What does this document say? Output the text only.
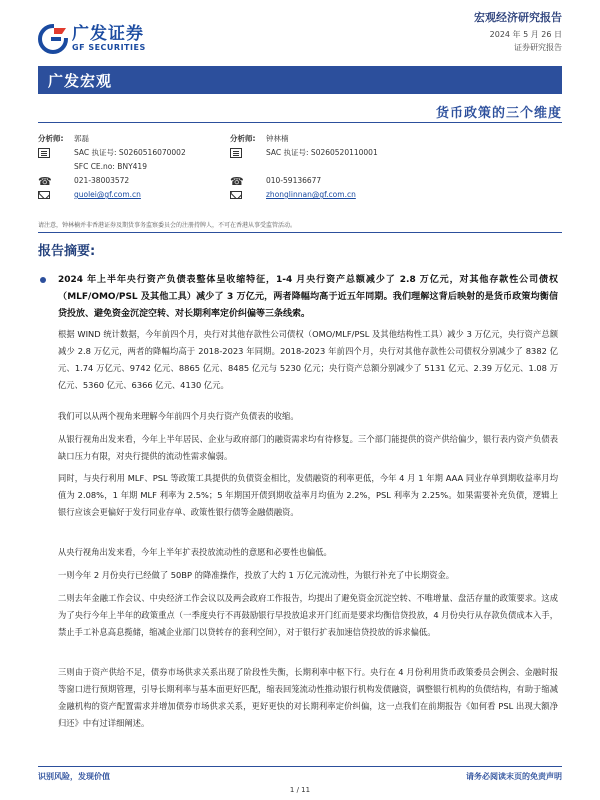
广发证券
GF SECURITIES
宏观经济研究报告
2024 年 5 月 26 日
证券研究报告
广发宏观
货币政策的三个维度
分析师:	郭磊
SAC 执证号: S0260516070002
SFC CE.no: BNY419
☎	021-38003572
guolei@gf.com.cn
分析师:	钟林楠
SAC 执证号: S0260520110001
☎	010-59136677
zhonglinnan@gf.com.cn
请注意，钟林楠并非香港证券及期货事务监察委员会的注册持牌人，不可在香港从事受监管活动。
报告摘要:
2024 年上半年央行资产负债表整体呈收缩特征，1-4 月央行资产总额减少了 2.8 万亿元，对其他存款性公司债权（MLF/OMO/PSL 及其他工具）减少了 3 万亿元，两者降幅均高于近五年同期。我们理解这背后映射的是货币政策均衡信贷投放、避免资金沉淀空转、对长期利率定价纠偏等三条线索。
根据 WIND 统计数据，今年前四个月，央行对其他存款性公司债权（OMO/MLF/PSL 及其他结构性工具）减少 3 万亿元，央行资产总额减少 2.8 万亿元，两者的降幅均高于 2018-2023 年同期。2018-2023 年前四个月，央行对其他存款性公司债权分别减少了 8382 亿元、1.74 万亿元、9742 亿元、8865 亿元、8485 亿元与 5230 亿元；央行资产总额分别减少了 5131 亿元、2.39 万亿元、1.08 万亿元、5360 亿元、6366 亿元、4130 亿元。
我们可以从两个视角来理解今年前四个月央行资产负债表的收缩。
从银行视角出发来看，今年上半年居民、企业与政府部门的融资需求均有待修复。三个部门能提供的资产供给偏少，银行表内资产负债表缺口压力有限，对央行提供的流动性需求偏弱。
同时，与央行利用 MLF、PSL 等政策工具提供的负债资金相比，发债融资的利率更低，今年 4 月 1 年期 AAA 同业存单到期收益率月均值为 2.08%，1 年期 MLF 利率为 2.5%；5 年期国开债到期收益率月均值为 2.2%，PSL 利率为 2.25%。如果需要补充负债，逻辑上银行应该会更偏好于发行同业存单、政策性银行债等金融债融资。
从央行视角出发来看，今年上半年扩表投放流动性的意愿和必要性也偏低。
一则今年 2 月份央行已经做了 50BP 的降准操作，投放了大约 1 万亿元流动性，为银行补充了中长期资金。
二则去年金融工作会议、中央经济工作会议以及两会政府工作报告，均提出了避免资金沉淀空转、不唯增量、盘活存量的政策要求。这成为了央行今年上半年的政策重点（一季度央行不再鼓励银行早投放追求开门红而是要求均衡信贷投放，4 月份央行从存款负债成本入手，禁止手工补息高息揽储，缩减企业部门以贷转存的套利空间），对于银行扩表加速信贷投放的诉求偏低。
三则由于资产供给不足，债券市场供求关系出现了阶段性失衡，长期利率中枢下行。央行在 4 月份利用货币政策委员会例会、金融时报等窗口进行预期管理，引导长期利率与基本面更好匹配，缩表回笼流动性推动银行机构发债融资，调整银行机构的负债结构，有助于缩减金融机构的资产配置需求并增加债券市场供求关系，更好更快的对长期利率定价纠偏，这一点我们在前期报告《如何看 PSL 出现大额净归还》中有过详细阐述。
识别风险，发现价值	请务必阅读末页的免责声明
1 / 11
